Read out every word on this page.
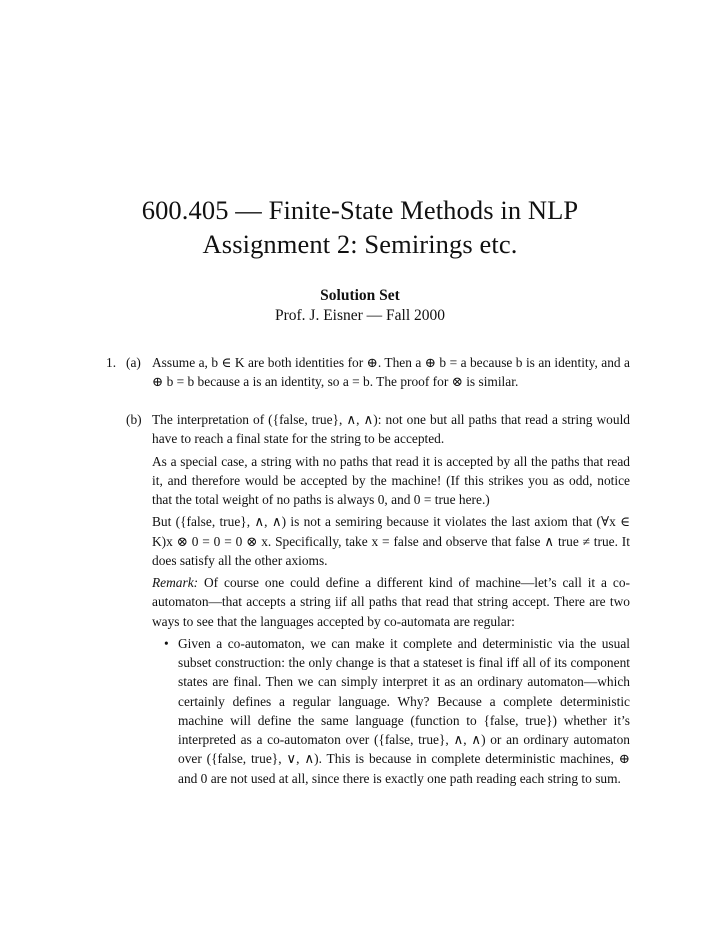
600.405 — Finite-State Methods in NLP
Assignment 2: Semirings etc.
Solution Set
Prof. J. Eisner — Fall 2000
1. (a) Assume a, b ∈ K are both identities for ⊕. Then a ⊕ b = a because b is an identity, and a ⊕ b = b because a is an identity, so a = b. The proof for ⊗ is similar.

(b) The interpretation of ({false, true}, ∧, ∧): not one but all paths that read a string would have to reach a final state for the string to be accepted.

As a special case, a string with no paths that read it is accepted by all the paths that read it, and therefore would be accepted by the machine! (If this strikes you as odd, notice that the total weight of no paths is always 0, and 0 = true here.)

But ({false, true}, ∧, ∧) is not a semiring because it violates the last axiom that (∀x ∈ K)x ⊗ 0 = 0 = 0 ⊗ x. Specifically, take x = false and observe that false ∧ true ≠ true. It does satisfy all the other axioms.

Remark: Of course one could define a different kind of machine—let’s call it a co-automaton—that accepts a string iif all paths that read that string accept. There are two ways to see that the languages accepted by co-automata are regular:

• Given a co-automaton, we can make it complete and deterministic via the usual subset construction: the only change is that a stateset is final iff all of its component states are final. Then we can simply interpret it as an ordinary automaton—which certainly defines a regular language. Why? Because a complete deterministic machine will define the same language (function to {false, true}) whether it’s interpreted as a co-automaton over ({false, true}, ∧, ∧) or an ordinary automaton over ({false, true}, ∨, ∧). This is because in complete deterministic machines, ⊕ and 0 are not used at all, since there is exactly one path reading each string to sum.
